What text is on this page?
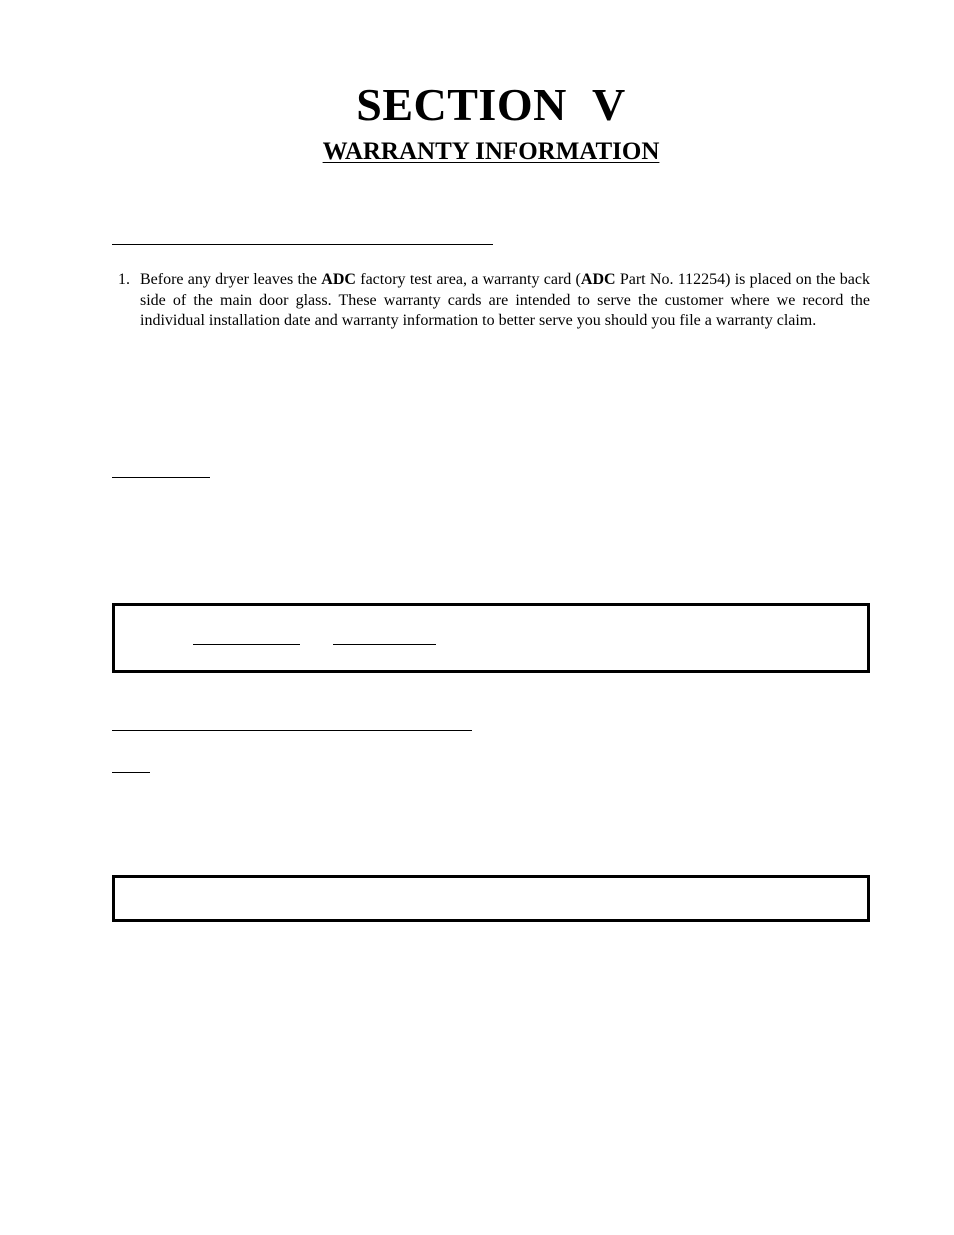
SECTION V
WARRANTY INFORMATION
1. Before any dryer leaves the ADC factory test area, a warranty card (ADC Part No. 112254) is placed on the back side of the main door glass. These warranty cards are intended to serve the customer where we record the individual installation date and warranty information to better serve you should you file a warranty claim.
